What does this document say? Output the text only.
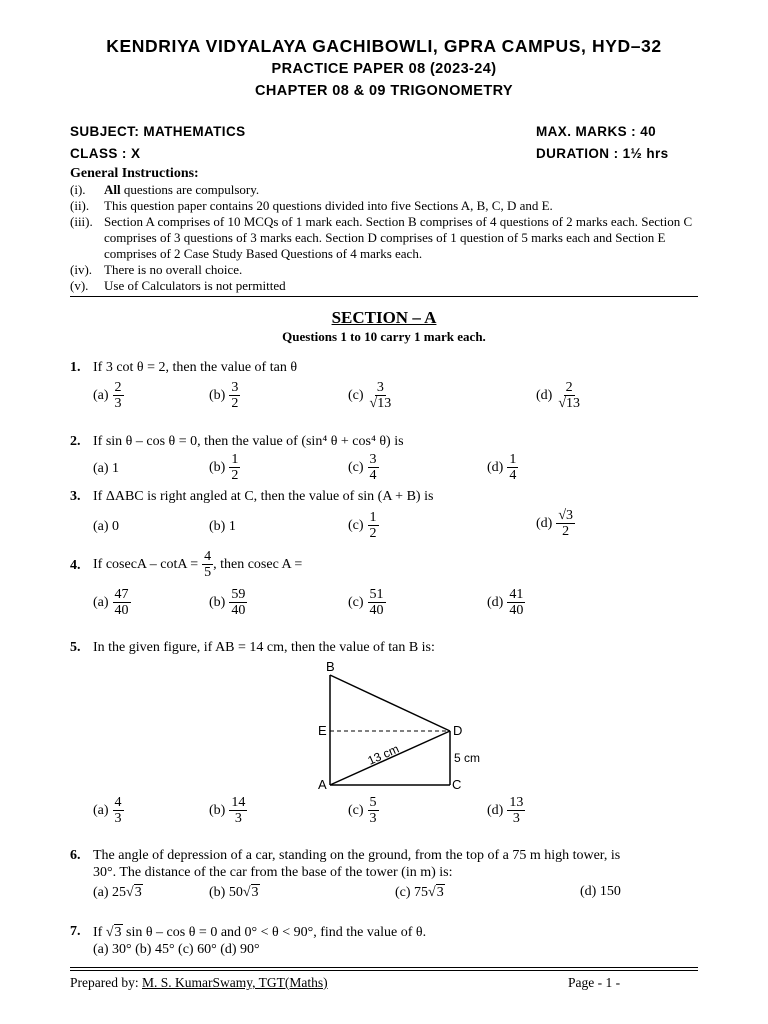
KENDRIYA VIDYALAYA GACHIBOWLI, GPRA CAMPUS, HYD–32
PRACTICE PAPER 08 (2023-24)
CHAPTER 08 & 09 TRIGONOMETRY
SUBJECT: MATHEMATICS	MAX. MARKS : 40
CLASS : X	DURATION : 1½ hrs
General Instructions:
(i). All questions are compulsory.
(ii). This question paper contains 20 questions divided into five Sections A, B, C, D and E.
(iii). Section A comprises of 10 MCQs of 1 mark each. Section B comprises of 4 questions of 2 marks each. Section C comprises of 3 questions of 3 marks each. Section D comprises of 1 question of 5 marks each and Section E comprises of 2 Case Study Based Questions of 4 marks each.
(iv). There is no overall choice.
(v). Use of Calculators is not permitted
SECTION – A
Questions 1 to 10 carry 1 mark each.
1. If 3 cot θ = 2, then the value of tan θ
$(a) \frac{2}{3}$	$(b) \frac{3}{2}$	$(c) \frac{3}{√13}$	$(d) \frac{2}{√13}$
2. If sin θ – cos θ = 0, then the value of (sin⁴ θ + cos⁴ θ) is
(a)
1	$(b) \frac{1}{2}$	$(c) \frac{3}{4}$	$(d) \frac{1}{4}$
3. If ΔABC is right angled at C, then the value of sin (A + B) is
(a)
0	(b)
1	$(c) \frac{1}{2}$	$(d) \frac{√3}{2}$
4. If $cosecA - \cot A = \frac{4}{5}$ , then cosec A =
$(a) \frac{47}{40}$	$(b) \frac{59}{40}$	$(c) \frac{51}{40}$	$(d) \frac{41}{40}$
5. In the given figure, if AB = 14 cm, then the value of tan B is:
B
E	D
A	C
5 cm
13 cm
$(a) \frac{4}{3}$	$(b) \frac{14}{3}$	$(c) \frac{5}{3}$	$(d) \frac{13}{3}$
6. The angle of depression of a car, standing on the ground, from the top of a 75 m high tower, is
30°. The distance of the car from the base of the tower (in m) is:
(a) 25 √3	(b) 50 √3	(c) 75 √3	(d) 150
7. If √3 sin θ – cos θ = 0 and 0° < θ < 90°, find the value of θ.
(a) 30° (b) 45° (c) 60° (d) 90°
Prepared by: M. S. KumarSwamy, TGT(Maths)	Page - 1 -
